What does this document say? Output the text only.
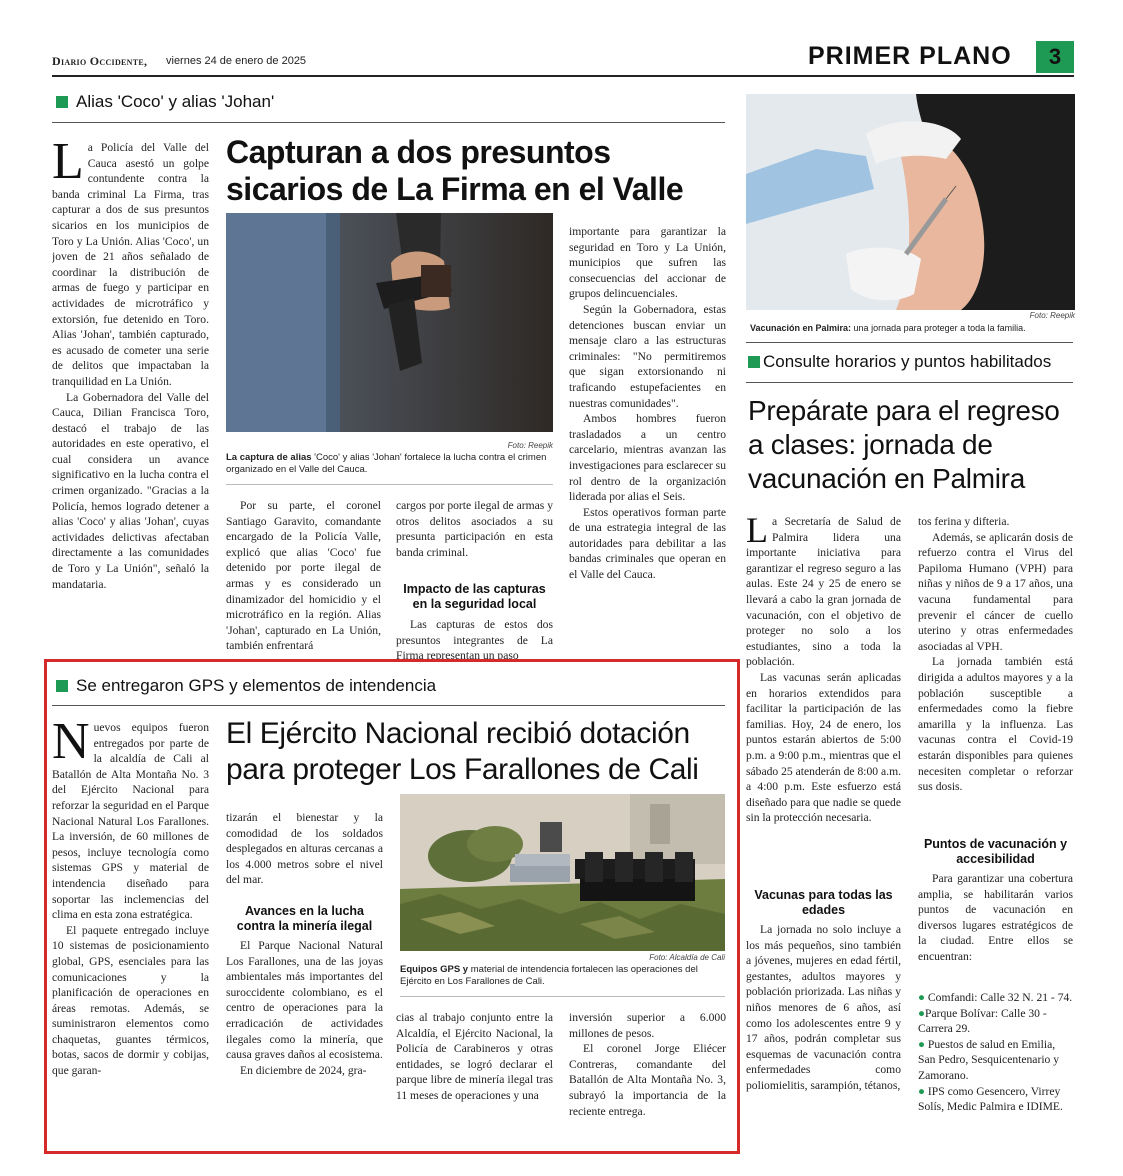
Diario Occidente, viernes 24 de enero de 2025	PRIMER PLANO	3
Alias 'Coco' y alias 'Johan'

La Policía del Valle del Cauca asestó un golpe contundente contra la banda criminal La Firma, tras capturar a dos de sus presuntos sicarios en los municipios de Toro y La Unión. Alias 'Coco', un joven de 21 años señalado de coordinar la distribución de armas de fuego y participar en actividades de microtráfico y extorsión, fue detenido en Toro. Alias 'Johan', también capturado, es acusado de cometer una serie de delitos que impactaban la tranquilidad en La Unión.

La Gobernadora del Valle del Cauca, Dilian Francisca Toro, destacó el trabajo de las autoridades en este operativo, el cual considera un avance significativo en la lucha contra el crimen organizado. "Gracias a la Policía, hemos logrado detener a alias 'Coco' y alias 'Johan', cuyas actividades delictivas afectaban directamente a las comunidades de Toro y La Unión", señaló la mandataria.

Capturan a dos presuntos sicarios de La Firma en el Valle
Foto: Reepik
La captura de alias 'Coco' y alias 'Johan' fortalece la lucha contra el crimen organizado en el Valle del Cauca.

Por su parte, el coronel Santiago Garavito, comandante encargado de la Policía Valle, explicó que alias 'Coco' fue detenido por porte ilegal de armas y es considerado un dinamizador del homicidio y el microtráfico en la región. Alias 'Johan', capturado en La Unión, también enfrentará

cargos por porte ilegal de armas y otros delitos asociados a su presunta participación en esta banda criminal.

Impacto de las capturas en la seguridad local

Las capturas de estos dos presuntos integrantes de La Firma representan un paso

importante para garantizar la seguridad en Toro y La Unión, municipios que sufren las consecuencias del accionar de grupos delincuenciales.

Según la Gobernadora, estas detenciones buscan enviar un mensaje claro a las estructuras criminales: "No permitiremos que sigan extorsionando ni traficando estupefacientes en nuestras comunidades".

Ambos hombres fueron trasladados a un centro carcelario, mientras avanzan las investigaciones para esclarecer su rol dentro de la organización liderada por alias el Seis.

Estos operativos forman parte de una estrategia integral de las autoridades para debilitar a las bandas criminales que operan en el Valle del Cauca.

Foto: Reepik
Vacunación en Palmira: una jornada para proteger a toda la familia.
Consulte horarios y puntos habilitados
Prepárate para el regreso a clases: jornada de vacunación en Palmira

La Secretaría de Salud de Palmira lidera una importante iniciativa para garantizar el regreso seguro a las aulas. Este 24 y 25 de enero se llevará a cabo la gran jornada de vacunación, con el objetivo de proteger no solo a los estudiantes, sino a toda la población.

Las vacunas serán aplicadas en horarios extendidos para facilitar la participación de las familias. Hoy, 24 de enero, los puntos estarán abiertos de 5:00 p.m. a 9:00 p.m., mientras que el sábado 25 atenderán de 8:00 a.m. a 4:00 p.m. Este esfuerzo está diseñado para que nadie se quede sin la protección necesaria.

Vacunas para todas las edades

La jornada no solo incluye a los más pequeños, sino también a jóvenes, mujeres en edad fértil, gestantes, adultos mayores y población priorizada. Las niñas y niños menores de 6 años, así como los adolescentes entre 9 y 17 años, podrán completar sus esquemas de vacunación contra enfermedades como poliomielitis, sarampión, tétanos,

tos ferina y difteria.

Además, se aplicarán dosis de refuerzo contra el Virus del Papiloma Humano (VPH) para niñas y niños de 9 a 17 años, una vacuna fundamental para prevenir el cáncer de cuello uterino y otras enfermedades asociadas al VPH.

La jornada también está dirigida a adultos mayores y a la población susceptible a enfermedades como la fiebre amarilla y la influenza. Las vacunas contra el Covid-19 estarán disponibles para quienes necesiten completar o reforzar sus dosis.

Puntos de vacunación y accesibilidad

Para garantizar una cobertura amplia, se habilitarán varios puntos de vacunación en diversos lugares estratégicos de la ciudad. Entre ellos se encuentran:

● Comfandi: Calle 32 N. 21 - 74.
●Parque Bolívar: Calle 30 - Carrera 29.
● Puestos de salud en Emilia, San Pedro, Sesquicentenario y Zamorano.
● IPS como Gesencero, Virrey Solís, Medic Palmira e IDIME.
Se entregaron GPS y elementos de intendencia

Nuevos equipos fueron entregados por parte de la alcaldía de Cali al Batallón de Alta Montaña No. 3 del Ejército Nacional para reforzar la seguridad en el Parque Nacional Natural Los Farallones. La inversión, de 60 millones de pesos, incluye tecnología como sistemas GPS y material de intendencia diseñado para soportar las inclemencias del clima en esta zona estratégica.

El paquete entregado incluye 10 sistemas de posicionamiento global, GPS, esenciales para las comunicaciones y la planificación de operaciones en áreas remotas. Además, se suministraron elementos como chaquetas, guantes térmicos, botas, sacos de dormir y cobijas, que garan-

El Ejército Nacional recibió dotación para proteger Los Farallones de Cali

tizarán el bienestar y la comodidad de los soldados desplegados en alturas cercanas a los 4.000 metros sobre el nivel del mar.

Avances en la lucha contra la minería ilegal

El Parque Nacional Natural Los Farallones, una de las joyas ambientales más importantes del suroccidente colombiano, es el centro de operaciones para la erradicación de actividades ilegales como la minería, que causa graves daños al ecosistema.

En diciembre de 2024, gra-

Foto: Alcaldía de Cali
Equipos GPS y material de intendencia fortalecen las operaciones del Ejército en Los Farallones de Cali.

cias al trabajo conjunto entre la Alcaldía, el Ejército Nacional, la Policía de Carabineros y otras entidades, se logró declarar el parque libre de minería ilegal tras 11 meses de operaciones y una

inversión superior a 6.000 millones de pesos.

El coronel Jorge Eliécer Contreras, comandante del Batallón de Alta Montaña No. 3, subrayó la importancia de la reciente entrega.
